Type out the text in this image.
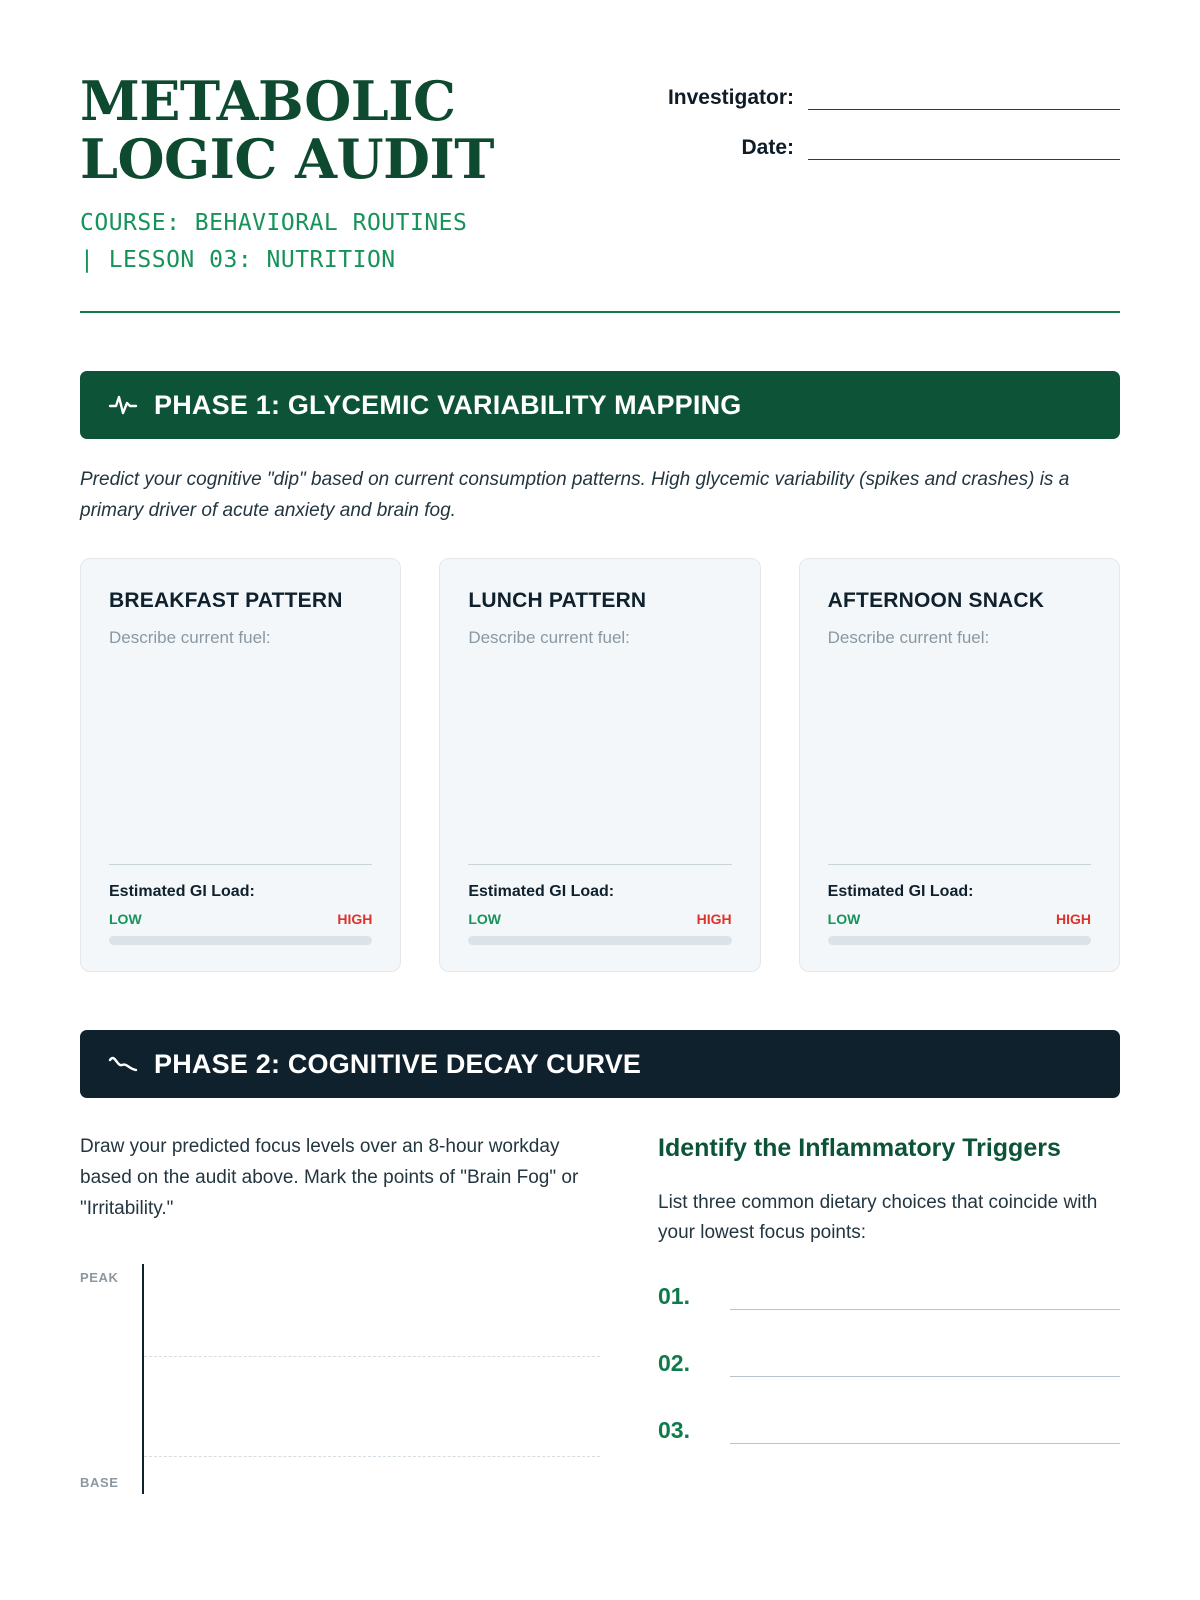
METABOLIC LOGIC AUDIT
COURSE: BEHAVIORAL ROUTINES
| LESSON 03: NUTRITION
Investigator:
Date:
PHASE 1: GLYCEMIC VARIABILITY MAPPING
Predict your cognitive "dip" based on current consumption patterns. High glycemic variability (spikes and crashes) is a primary driver of acute anxiety and brain fog.
BREAKFAST PATTERN
Describe current fuel:
Estimated GI Load:
LOW	HIGH
LUNCH PATTERN
Describe current fuel:
Estimated GI Load:
LOW	HIGH
AFTERNOON SNACK
Describe current fuel:
Estimated GI Load:
LOW	HIGH
PHASE 2: COGNITIVE DECAY CURVE
Draw your predicted focus levels over an 8-hour workday based on the audit above. Mark the points of "Brain Fog" or "Irritability."
PEAK
BASE
Identify the Inflammatory Triggers
List three common dietary choices that coincide with your lowest focus points:
01.
02.
03.
